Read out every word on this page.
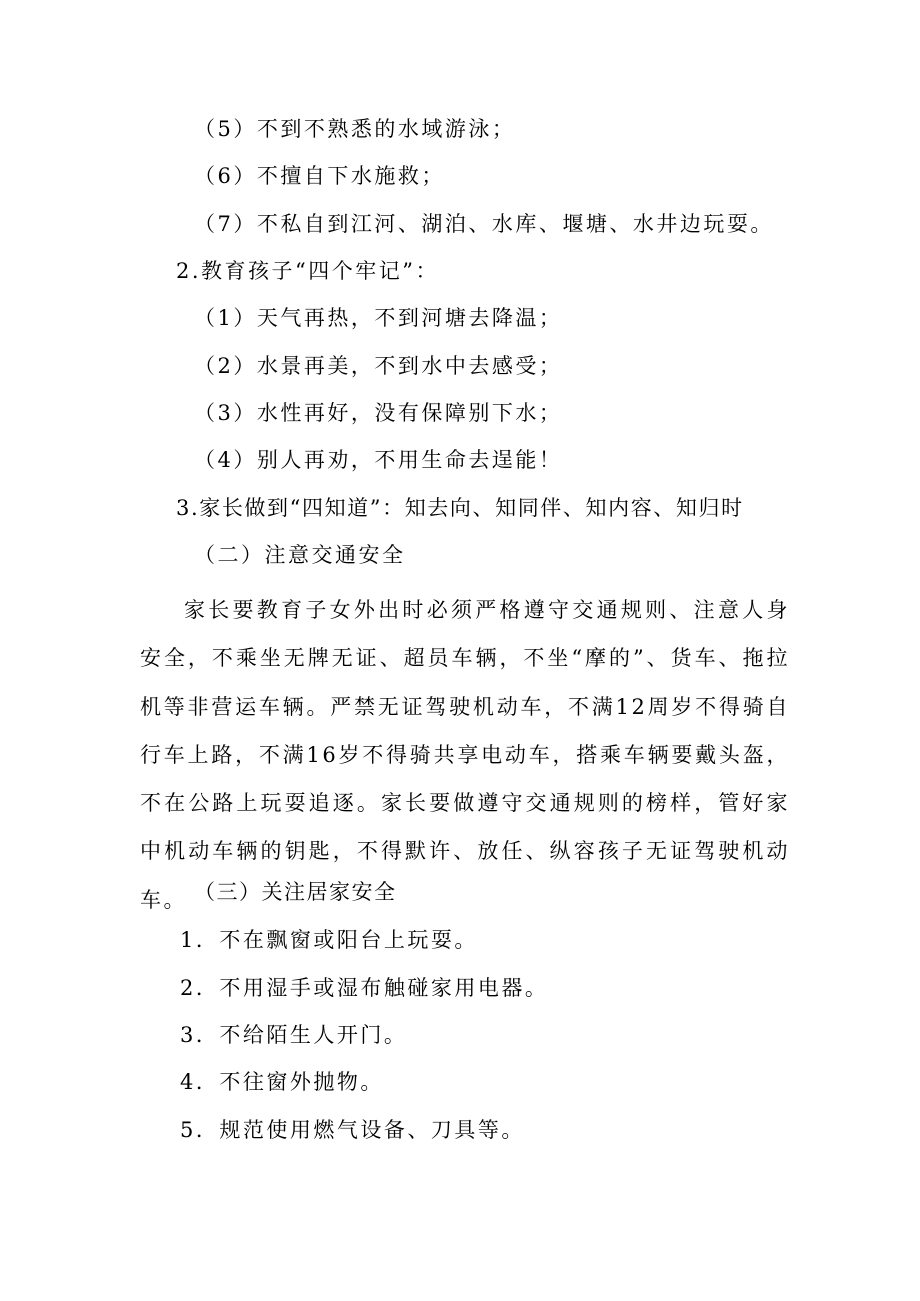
（5）不到不熟悉的水域游泳；
（6）不擅自下水施救；
（7）不私自到江河、湖泊、水库、堰塘、水井边玩耍。
2.教育孩子“四个牢记”：
（1）天气再热，不到河塘去降温；
（2）水景再美，不到水中去感受；
（3）水性再好，没有保障别下水；
（4）别人再劝，不用生命去逞能！
3.家长做到“四知道”：知去向、知同伴、知内容、知归时
（二）注意交通安全
家长要教育子女外出时必须严格遵守交通规则、注意人身安全，不乘坐无牌无证、超员车辆，不坐“摩的”、货车、拖拉机等非营运车辆。严禁无证驾驶机动车，不满12周岁不得骑自行车上路，不满16岁不得骑共享电动车，搭乘车辆要戴头盔，不在公路上玩耍追逐。家长要做遵守交通规则的榜样，管好家中机动车辆的钥匙，不得默许、放任、纵容孩子无证驾驶机动车。 （三）关注居家安全
1．不在飘窗或阳台上玩耍。
2．不用湿手或湿布触碰家用电器。
3．不给陌生人开门。
4．不往窗外抛物。
5．规范使用燃气设备、刀具等。
